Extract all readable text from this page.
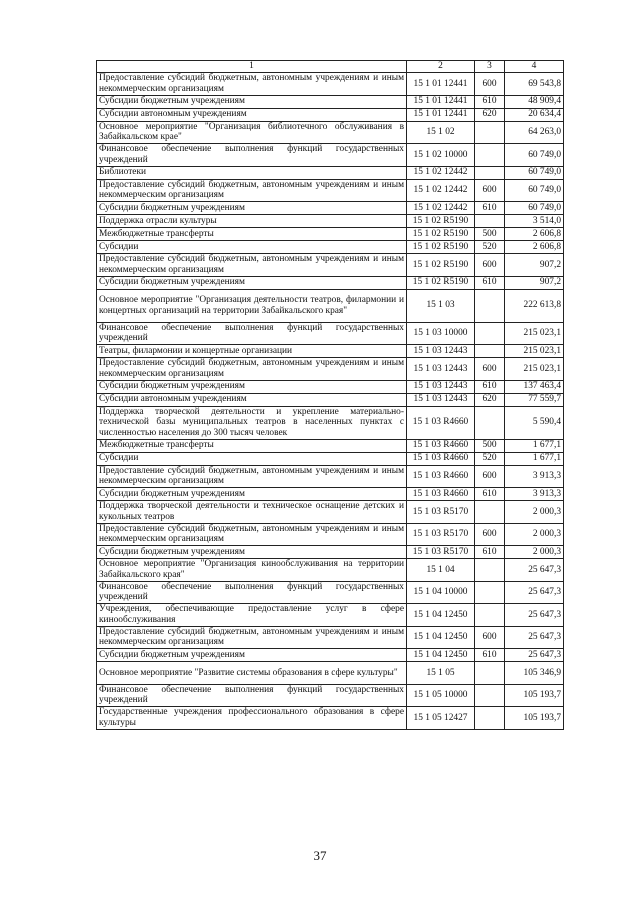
1	2	3	4
Предоставление субсидий бюджетным, автономным учреждениям и иным некоммерческим организациям	15 1 01 12441	600	69 543,8
Субсидии бюджетным учреждениям	15 1 01 12441	610	48 909,4
Субсидии автономным учреждениям	15 1 01 12441	620	20 634,4
Основное мероприятие "Организация библиотечного обслуживания в Забайкальском крае"	15 1 02		64 263,0
Финансовое обеспечение выполнения функций государственных учреждений	15 1 02 10000		60 749,0
Библиотеки	15 1 02 12442		60 749,0
Предоставление субсидий бюджетным, автономным учреждениям и иным некоммерческим организациям	15 1 02 12442	600	60 749,0
Субсидии бюджетным учреждениям	15 1 02 12442	610	60 749,0
Поддержка отрасли культуры	15 1 02 R5190		3 514,0
Межбюджетные трансферты	15 1 02 R5190	500	2 606,8
Субсидии	15 1 02 R5190	520	2 606,8
Предоставление субсидий бюджетным, автономным учреждениям и иным некоммерческим организациям	15 1 02 R5190	600	907,2
Субсидии бюджетным учреждениям	15 1 02 R5190	610	907,2
Основное мероприятие "Организация деятельности театров, филармонии и концертных организаций на территории Забайкальского края"	15 1 03		222 613,8
Финансовое обеспечение выполнения функций государственных учреждений	15 1 03 10000		215 023,1
Театры, филармонии и концертные организации	15 1 03 12443		215 023,1
Предоставление субсидий бюджетным, автономным учреждениям и иным некоммерческим организациям	15 1 03 12443	600	215 023,1
Субсидии бюджетным учреждениям	15 1 03 12443	610	137 463,4
Субсидии автономным учреждениям	15 1 03 12443	620	77 559,7
Поддержка творческой деятельности и укрепление материально-технической базы муниципальных театров в населенных пунктах с численностью населения до 300 тысяч человек	15 1 03 R4660		5 590,4
Межбюджетные трансферты	15 1 03 R4660	500	1 677,1
Субсидии	15 1 03 R4660	520	1 677,1
Предоставление субсидий бюджетным, автономным учреждениям и иным некоммерческим организациям	15 1 03 R4660	600	3 913,3
Субсидии бюджетным учреждениям	15 1 03 R4660	610	3 913,3
Поддержка творческой деятельности и техническое оснащение детских и кукольных театров	15 1 03 R5170		2 000,3
Предоставление субсидий бюджетным, автономным учреждениям и иным некоммерческим организациям	15 1 03 R5170	600	2 000,3
Субсидии бюджетным учреждениям	15 1 03 R5170	610	2 000,3
Основное мероприятие "Организация кинообслуживания на территории Забайкальского края"	15 1 04		25 647,3
Финансовое обеспечение выполнения функций государственных учреждений	15 1 04 10000		25 647,3
Учреждения, обеспечивающие предоставление услуг в сфере кинообслуживания	15 1 04 12450		25 647,3
Предоставление субсидий бюджетным, автономным учреждениям и иным некоммерческим организациям	15 1 04 12450	600	25 647,3
Субсидии бюджетным учреждениям	15 1 04 12450	610	25 647,3
Основное мероприятие "Развитие системы образования в сфере культуры"	15 1 05		105 346,9
Финансовое обеспечение выполнения функций государственных учреждений	15 1 05 10000		105 193,7
Государственные учреждения профессионального образования в сфере культуры	15 1 05 12427		105 193,7
37
